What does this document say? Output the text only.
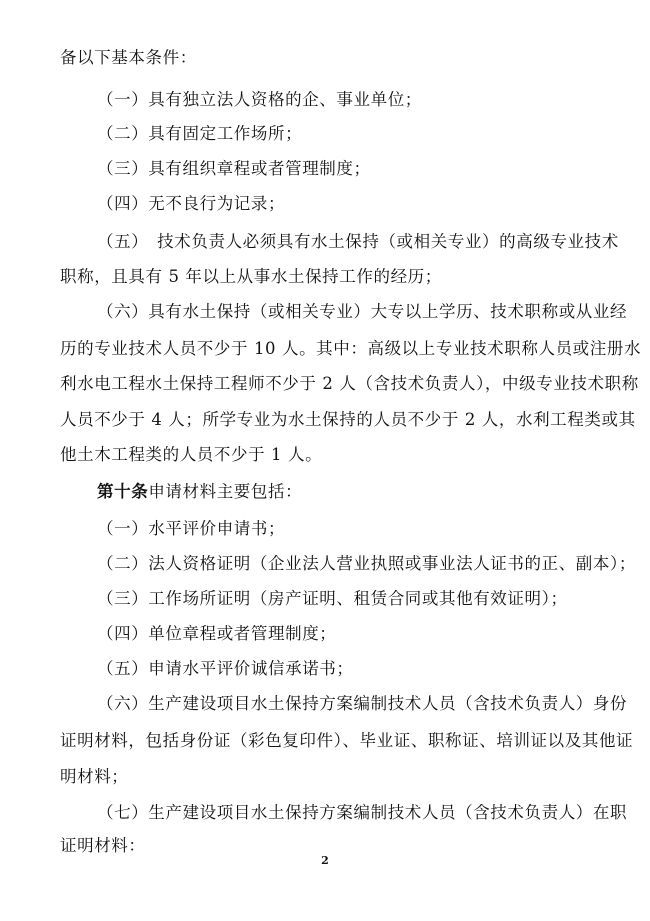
备以下基本条件：
（一）具有独立法人资格的企、事业单位；
（二）具有固定工作场所；
（三）具有组织章程或者管理制度；
（四）无不良行为记录；
（五）　技术负责人必须具有水土保持（或相关专业）的高级专业技术
职称，且具有 5 年以上从事水土保持工作的经历；
（六）具有水土保持（或相关专业）大专以上学历、技术职称或从业经
历的专业技术人员不少于 10 人。其中：高级以上专业技术职称人员或注册水
利水电工程水土保持工程师不少于 2 人（含技术负责人），中级专业技术职称
人员不少于 4 人；所学专业为水土保持的人员不少于 2 人，水利工程类或其
他土木工程类的人员不少于 1 人。
第十条申请材料主要包括：
（一）水平评价申请书；
（二）法人资格证明（企业法人营业执照或事业法人证书的正、副本）；
（三）工作场所证明（房产证明、租赁合同或其他有效证明）；
（四）单位章程或者管理制度；
（五）申请水平评价诚信承诺书；
（六）生产建设项目水土保持方案编制技术人员（含技术负责人）身份
证明材料，包括身份证（彩色复印件）、毕业证、职称证、培训证以及其他证
明材料；
（七）生产建设项目水土保持方案编制技术人员（含技术负责人）在职
证明材料：
2
